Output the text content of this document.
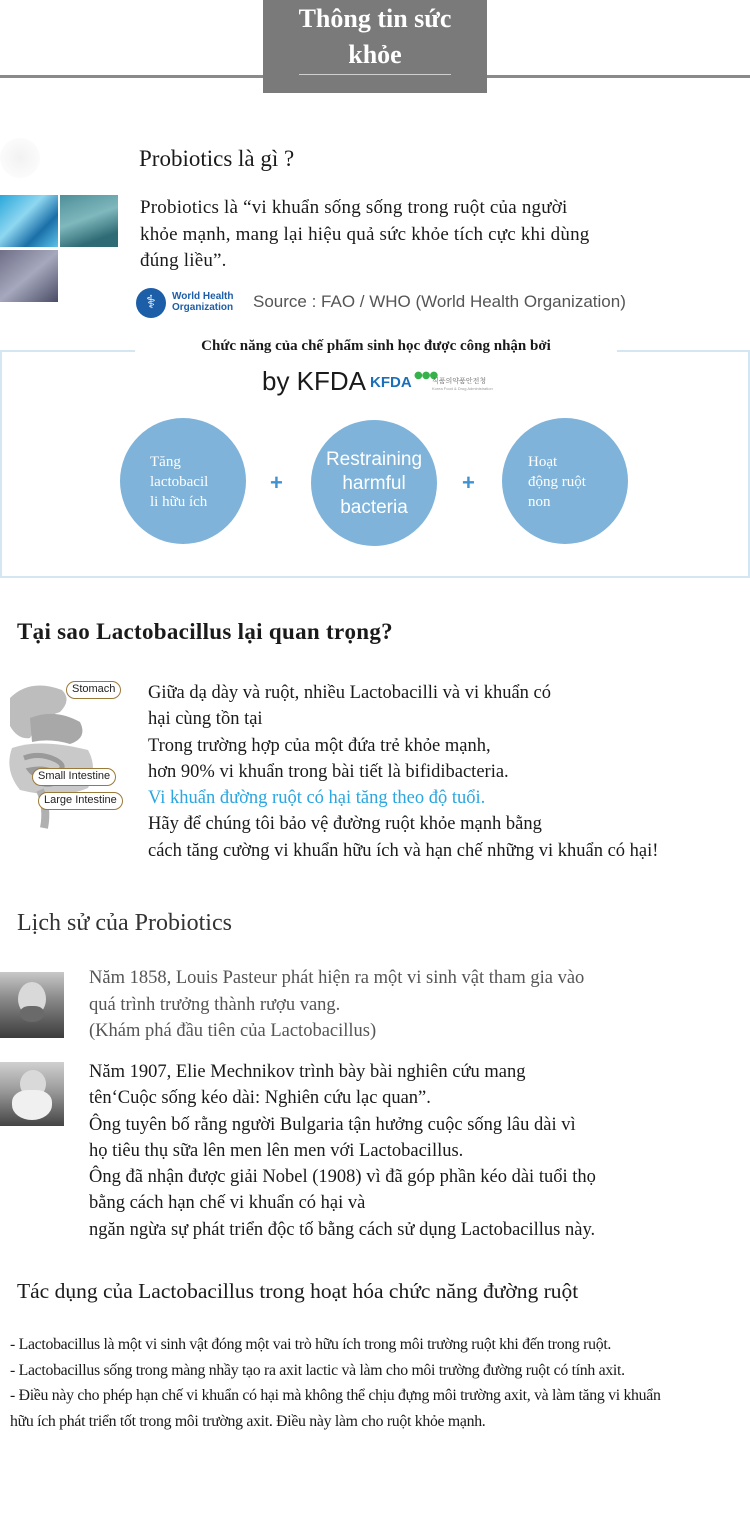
Thông tin sức
khỏe
Probiotics là gì ?
Probiotics là “vi khuẩn sống sống trong ruột của người
khỏe mạnh, mang lại hiệu quả sức khỏe tích cực khi dùng
đúng liều”.
⚕	World Health
Organization Source : FAO / WHO (World Health Organization)
Chức năng của chế phẩm sinh học được công nhận bởi
by KFDA KFDA ●●●
식품의약품안전청
Korea Food & Drug Administration
Tăng
lactobacil
li hữu ích
+
Restraining
harmful
bacteria
+
Hoạt
động ruột
non
Tại sao Lactobacillus lại quan trọng?
Stomach
Small Intestine
Large Intestine
Giữa dạ dày và ruột, nhiều Lactobacilli và vi khuẩn có
hại cùng tồn tại
Trong trường hợp của một đứa trẻ khỏe mạnh,
hơn 90% vi khuẩn trong bài tiết là bifidibacteria.
Vi khuẩn đường ruột có hại tăng theo độ tuổi.
Hãy để chúng tôi bảo vệ đường ruột khỏe mạnh bằng
cách tăng cường vi khuẩn hữu ích và hạn chế những vi khuẩn có hại!
Lịch sử của Probiotics
Năm 1858, Louis Pasteur phát hiện ra một vi sinh vật tham gia vào
quá trình trưởng thành rượu vang.
(Khám phá đầu tiên của Lactobacillus)
Năm 1907, Elie Mechnikov trình bày bài nghiên cứu mang
tên‘Cuộc sống kéo dài: Nghiên cứu lạc quan”.
Ông tuyên bố rằng người Bulgaria tận hưởng cuộc sống lâu dài vì
họ tiêu thụ sữa lên men lên men với Lactobacillus.
Ông đã nhận được giải Nobel (1908) vì đã góp phần kéo dài tuổi thọ
bằng cách hạn chế vi khuẩn có hại và
ngăn ngừa sự phát triển độc tố bằng cách sử dụng Lactobacillus này.
Tác dụng của Lactobacillus trong hoạt hóa chức năng đường ruột
- Lactobacillus là một vi sinh vật đóng một vai trò hữu ích trong môi trường ruột khi đến trong ruột.
- Lactobacillus sống trong màng nhầy tạo ra axit lactic và làm cho môi trường đường ruột có tính axit.
- Điều này cho phép hạn chế vi khuẩn có hại mà không thể chịu đựng môi trường axit, và làm tăng vi khuẩn
hữu ích phát triển tốt trong môi trường axit. Điều này làm cho ruột khỏe mạnh.
